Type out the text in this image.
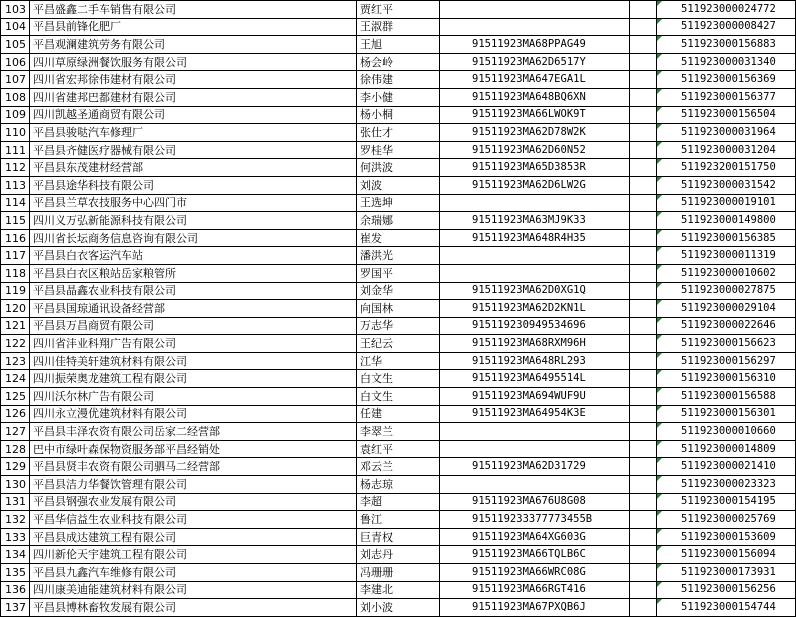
103	平昌盛鑫二手车销售有限公司	贾红平			511923000024772
104	平昌县前锋化肥厂	王淑群			511923000008427
105	平昌观澜建筑劳务有限公司	王旭	91511923MA68PPAG49		511923000156883
106	四川草原绿洲餐饮服务有限公司	杨会岭	91511923MA62D6517Y		511923000031340
107	四川省宏邦徐伟建材有限公司	徐伟建	91511923MA647EGA1L		511923000156369
108	四川省建邦巴都建材有限公司	李小健	91511923MA648BQ6XN		511923000156377
109	四川凯越圣通商贸有限公司	杨小桐	91511923MA66LWOK9T		511923000156504
110	平昌县骏哒汽车修理厂	张仕才	91511923MA62D78W2K		511923000031964
111	平昌县齐健医疗器械有限公司	罗桂华	91511923MA62D60N52		511923000031204
112	平昌县东茂建材经营部	何洪波	91511923MA65D3853R		511923200151750
113	平昌县途华科技有限公司	刘波	91511923MA62D6LW2G		511923000031542
114	平昌县兰草农技服务中心四门市	王选坤			511923000019101
115	四川义万弘新能源科技有限公司	余瑞娜	91511923MA63MJ9K33		511923000149800
116	四川省长坛商务信息咨询有限公司	崔发	91511923MA648R4H35		511923000156385
117	平昌县白衣客运汽车站	潘洪光			511923000011319
118	平昌县白衣区粮站岳家粮管所	罗国平			511923000010602
119	平昌县晶鑫农业科技有限公司	刘金华	91511923MA62D0XG1Q		511923000027875
120	平昌县国琼通讯设备经营部	向国林	91511923MA62D2KN1L		511923000029104
121	平昌县万昌商贸有限公司	万志华	915119230949534696		511923000022646
122	四川省沣业科翔广告有限公司	王纪云	91511923MA68RXM96H		511923000156623
123	四川佳特美轩建筑材料有限公司	江华	91511923MA648RL293		511923000156297
124	四川振荣奥龙建筑工程有限公司	白文生	91511923MA6495514L		511923000156310
125	四川沃尔林广告有限公司	白文生	91511923MA694WUF9U		511923000156588
126	四川永立漫优建筑材料有限公司	任建	91511923MA64954K3E		511923000156301
127	平昌县丰泽农资有限公司岳家二经营部	李翠兰			511923000010660
128	巴中市绿叶森保物资服务部平昌经销处	袁红平			511923000014809
129	平昌县贤丰农资有限公司驷马二经营部	邓云兰	91511923MA62D31729		511923000021410
130	平昌县洁力华餐饮管理有限公司	杨志琼			511923000023323
131	平昌县钢强农业发展有限公司	李超	91511923MA676U8G08		511923000154195
132	平昌华信益生农业科技有限公司	鲁江	915119233377773455B		511923000025769
133	平昌县成达建筑工程有限公司	巨青权	91511923MA64XG603G		511923000153609
134	四川新伦天宇建筑工程有限公司	刘志丹	91511923MA66TQLB6C		511923000156094
135	平昌县九鑫汽车维修有限公司	冯珊珊	91511923MA66WRC08G		511923000173931
136	四川康美迪能建筑材料有限公司	李建北	91511923MA66RGT416		511923000156256
137	平昌县博林畜牧发展有限公司	刘小波	91511923MA67PXQB6J		511923000154744
